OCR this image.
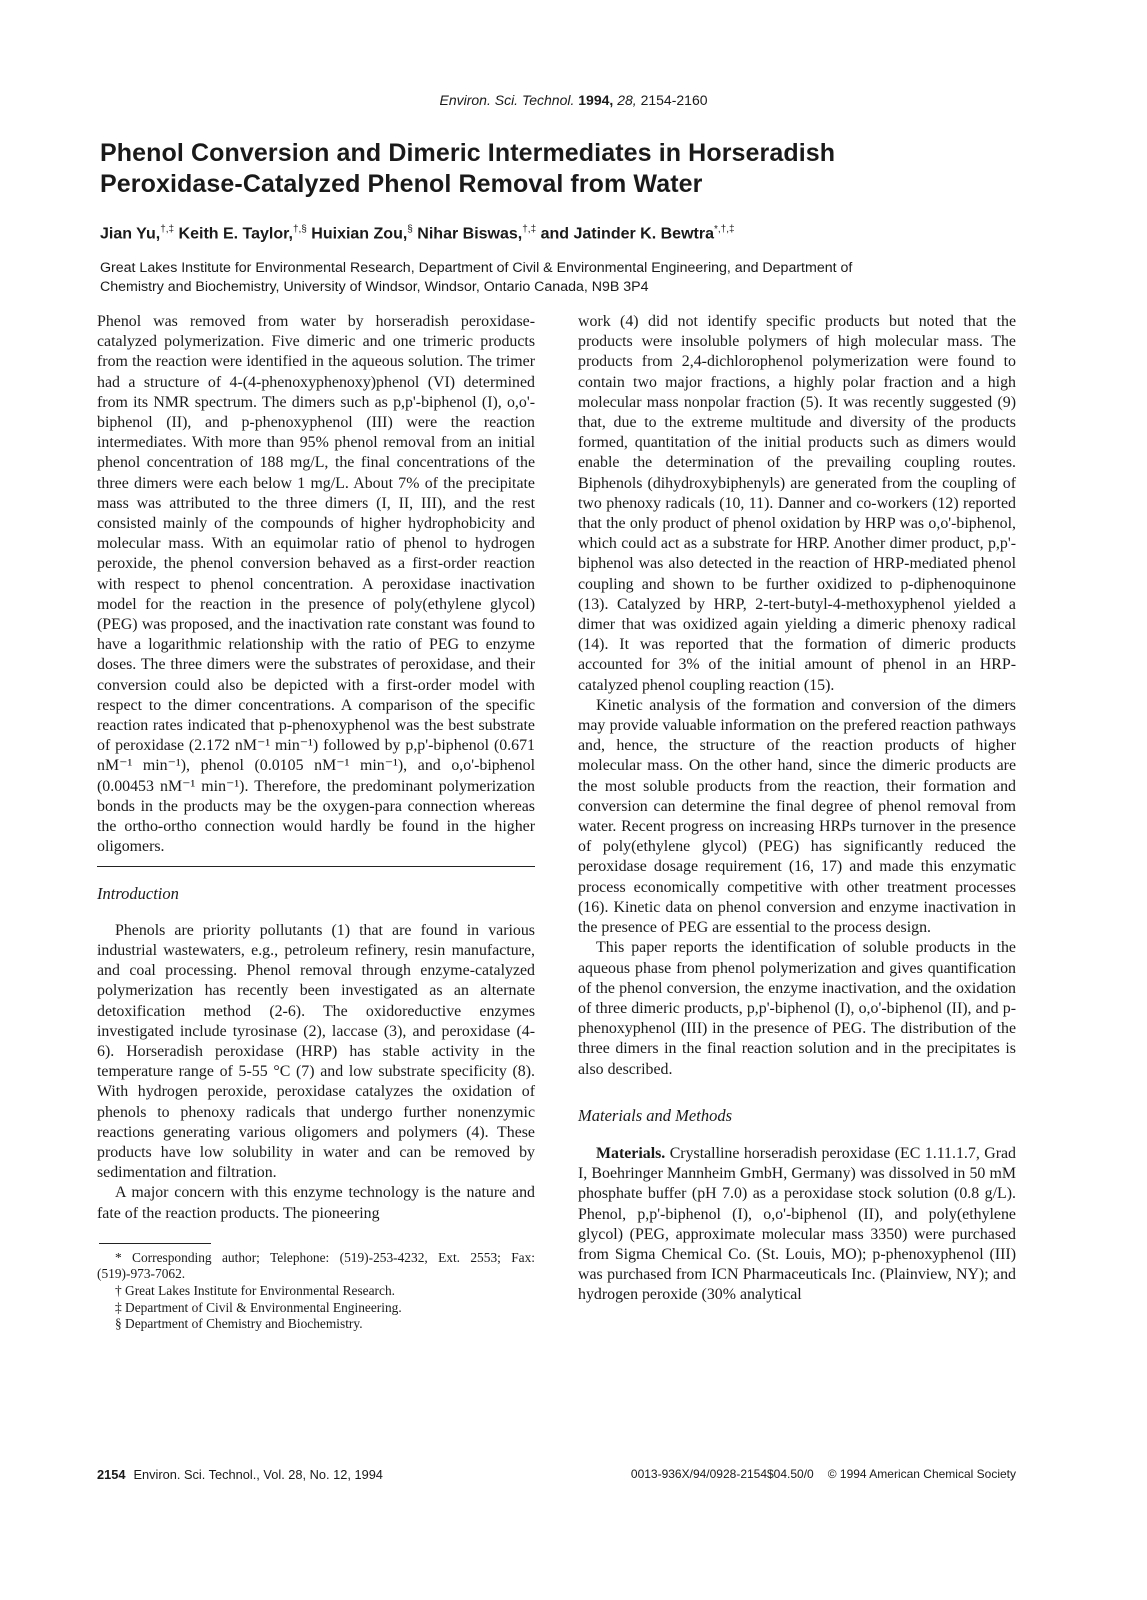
Environ. Sci. Technol. 1994, 28, 2154-2160
Phenol Conversion and Dimeric Intermediates in Horseradish
Peroxidase-Catalyzed Phenol Removal from Water
Jian Yu,†,‡ Keith E. Taylor,†,§ Huixian Zou,§ Nihar Biswas,†,‡ and Jatinder K. Bewtra*,†,‡
Great Lakes Institute for Environmental Research, Department of Civil & Environmental Engineering, and Department of
Chemistry and Biochemistry, University of Windsor, Windsor, Ontario Canada, N9B 3P4

Phenol was removed from water by horseradish peroxidase-catalyzed polymerization. Five dimeric and one trimeric products from the reaction were identified in the aqueous solution. The trimer had a structure of 4-(4-phenoxyphenoxy)phenol (VI) determined from its NMR spectrum. The dimers such as p,p'-biphenol (I), o,o'-biphenol (II), and p-phenoxyphenol (III) were the reaction intermediates. With more than 95% phenol removal from an initial phenol concentration of 188 mg/L, the final concentrations of the three dimers were each below 1 mg/L. About 7% of the precipitate mass was attributed to the three dimers (I, II, III), and the rest consisted mainly of the compounds of higher hydrophobicity and molecular mass. With an equimolar ratio of phenol to hydrogen peroxide, the phenol conversion behaved as a first-order reaction with respect to phenol concentration. A peroxidase inactivation model for the reaction in the presence of poly(ethylene glycol) (PEG) was proposed, and the inactivation rate constant was found to have a logarithmic relationship with the ratio of PEG to enzyme doses. The three dimers were the substrates of peroxidase, and their conversion could also be depicted with a first-order model with respect to the dimer concentrations. A comparison of the specific reaction rates indicated that p-phenoxyphenol was the best substrate of peroxidase (2.172 nM⁻¹ min⁻¹) followed by p,p'-biphenol (0.671 nM⁻¹ min⁻¹), phenol (0.0105 nM⁻¹ min⁻¹), and o,o'-biphenol (0.00453 nM⁻¹ min⁻¹). Therefore, the predominant polymerization bonds in the products may be the oxygen-para connection whereas the ortho-ortho connection would hardly be found in the higher oligomers.

Introduction

Phenols are priority pollutants (1) that are found in various industrial wastewaters, e.g., petroleum refinery, resin manufacture, and coal processing. Phenol removal through enzyme-catalyzed polymerization has recently been investigated as an alternate detoxification method (2-6). The oxidoreductive enzymes investigated include tyrosinase (2), laccase (3), and peroxidase (4-6). Horseradish peroxidase (HRP) has stable activity in the temperature range of 5-55 °C (7) and low substrate specificity (8). With hydrogen peroxide, peroxidase catalyzes the oxidation of phenols to phenoxy radicals that undergo further nonenzymic reactions generating various oligomers and polymers (4). These products have low solubility in water and can be removed by sedimentation and filtration.

A major concern with this enzyme technology is the nature and fate of the reaction products. The pioneering

* Corresponding author; Telephone: (519)-253-4232, Ext. 2553; Fax: (519)-973-7062.

† Great Lakes Institute for Environmental Research.

‡ Department of Civil & Environmental Engineering.

§ Department of Chemistry and Biochemistry.

work (4) did not identify specific products but noted that the products were insoluble polymers of high molecular mass. The products from 2,4-dichlorophenol polymerization were found to contain two major fractions, a highly polar fraction and a high molecular mass nonpolar fraction (5). It was recently suggested (9) that, due to the extreme multitude and diversity of the products formed, quantitation of the initial products such as dimers would enable the determination of the prevailing coupling routes. Biphenols (dihydroxybiphenyls) are generated from the coupling of two phenoxy radicals (10, 11). Danner and co-workers (12) reported that the only product of phenol oxidation by HRP was o,o'-biphenol, which could act as a substrate for HRP. Another dimer product, p,p'-biphenol was also detected in the reaction of HRP-mediated phenol coupling and shown to be further oxidized to p-diphenoquinone (13). Catalyzed by HRP, 2-tert-butyl-4-methoxyphenol yielded a dimer that was oxidized again yielding a dimeric phenoxy radical (14). It was reported that the formation of dimeric products accounted for 3% of the initial amount of phenol in an HRP-catalyzed phenol coupling reaction (15).

Kinetic analysis of the formation and conversion of the dimers may provide valuable information on the prefered reaction pathways and, hence, the structure of the reaction products of higher molecular mass. On the other hand, since the dimeric products are the most soluble products from the reaction, their formation and conversion can determine the final degree of phenol removal from water. Recent progress on increasing HRPs turnover in the presence of poly(ethylene glycol) (PEG) has significantly reduced the peroxidase dosage requirement (16, 17) and made this enzymatic process economically competitive with other treatment processes (16). Kinetic data on phenol conversion and enzyme inactivation in the presence of PEG are essential to the process design.

This paper reports the identification of soluble products in the aqueous phase from phenol polymerization and gives quantification of the phenol conversion, the enzyme inactivation, and the oxidation of three dimeric products, p,p'-biphenol (I), o,o'-biphenol (II), and p-phenoxyphenol (III) in the presence of PEG. The distribution of the three dimers in the final reaction solution and in the precipitates is also described.

Materials and Methods

Materials. Crystalline horseradish peroxidase (EC 1.11.1.7, Grad I, Boehringer Mannheim GmbH, Germany) was dissolved in 50 mM phosphate buffer (pH 7.0) as a peroxidase stock solution (0.8 g/L). Phenol, p,p'-biphenol (I), o,o'-biphenol (II), and poly(ethylene glycol) (PEG, approximate molecular mass 3350) were purchased from Sigma Chemical Co. (St. Louis, MO); p-phenoxyphenol (III) was purchased from ICN Pharmaceuticals Inc. (Plainview, NY); and hydrogen peroxide (30% analytical

2154 Environ. Sci. Technol., Vol. 28, No. 12, 1994	0013-936X/94/0928-2154$04.50/0 © 1994 American Chemical Society
